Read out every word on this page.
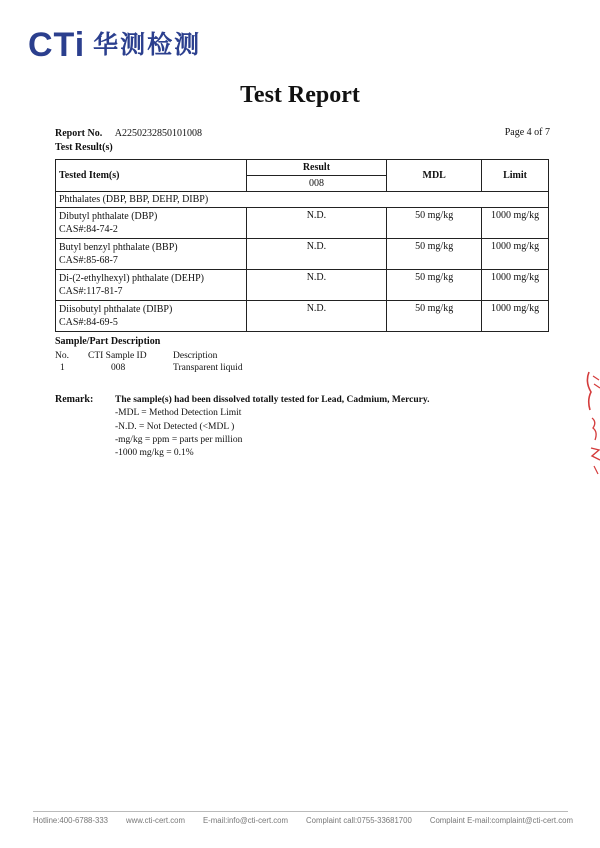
CTi 华测检测
Test Report
Report No. A2250232850101008	Page 4 of 7
Test Result(s)
Tested Item(s)	Result	MDL	Limit
	008		
Phthalates (DBP, BBP, DEHP, DIBP)			

Dibutyl phthalate (DBP)
CAS#:84-74-2	N.D.	50 mg/kg	1000 mg/kg

Butyl benzyl phthalate (BBP)
CAS#:85-68-7	N.D.	50 mg/kg	1000 mg/kg

Di-(2-ethylhexyl) phthalate (DEHP)
CAS#:117-81-7	N.D.	50 mg/kg	1000 mg/kg

Diisobutyl phthalate (DIBP)
CAS#:84-69-5	N.D.	50 mg/kg	1000 mg/kg
Sample/Part Description
No.	CTI Sample ID	Description
1	008	Transparent liquid
Remark: The sample(s) had been dissolved totally tested for Lead, Cadmium, Mercury.
-MDL = Method Detection Limit
-N.D. = Not Detected (<MDL )
-mg/kg = ppm = parts per million
-1000 mg/kg = 0.1%
Hotline:400-6788-333 www.cti-cert.com E-mail:info@cti-cert.com Complaint call:0755-33681700 Complaint E-mail:complaint@cti-cert.com
